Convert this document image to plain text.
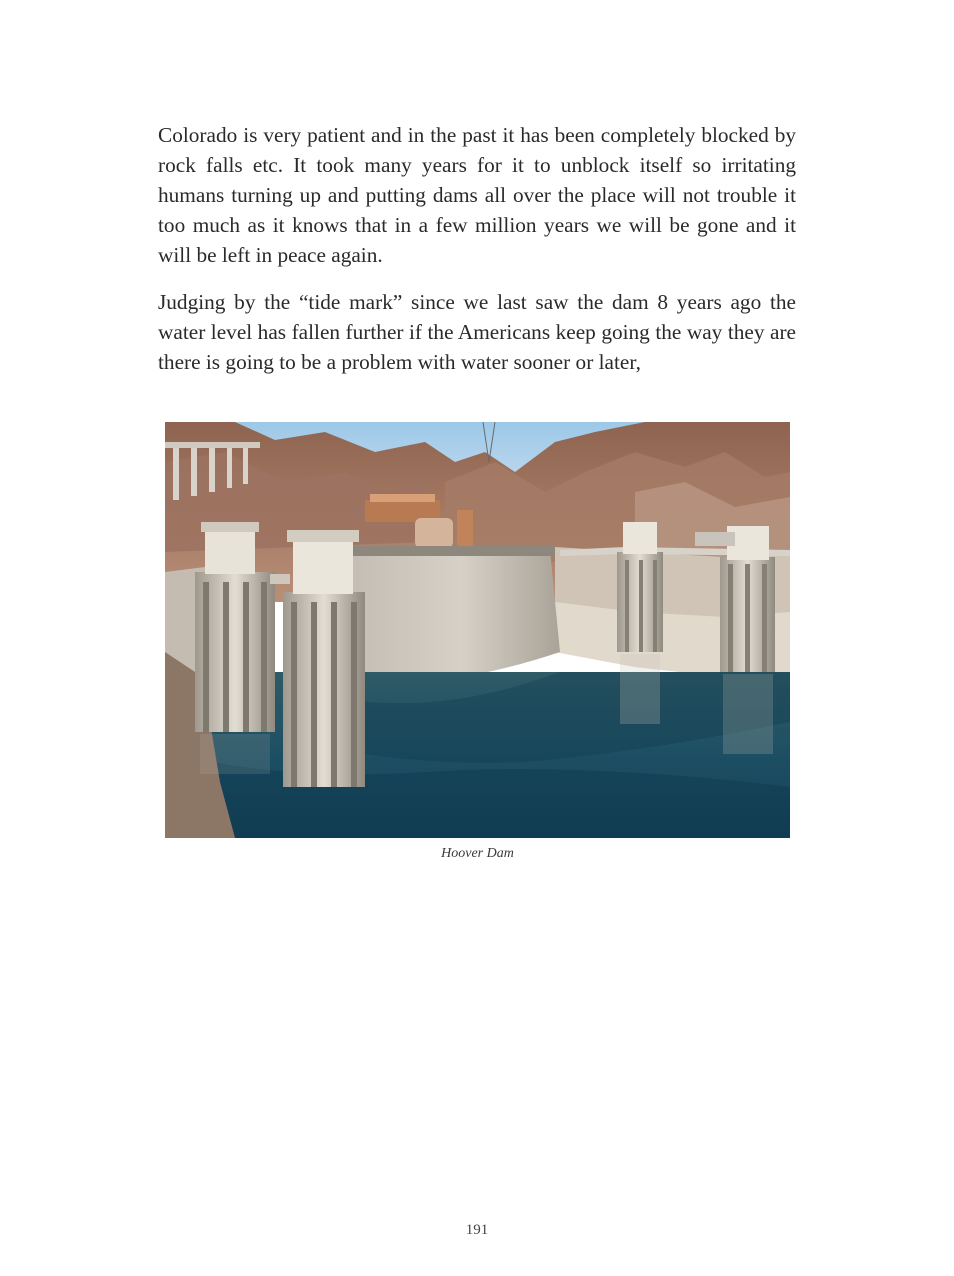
Colorado is very patient and in the past it has been completely blocked by rock falls etc. It took many years for it to unblock itself so irritating humans turning up and putting dams all over the place will not trouble it too much as it knows that in a few million years we will be gone and it will be left in peace again.

Judging by the “tide mark” since we last saw the dam 8 years ago the water level has fallen further if the Americans keep going the way they are there is going to be a problem with water sooner or later,

Hoover Dam
191
